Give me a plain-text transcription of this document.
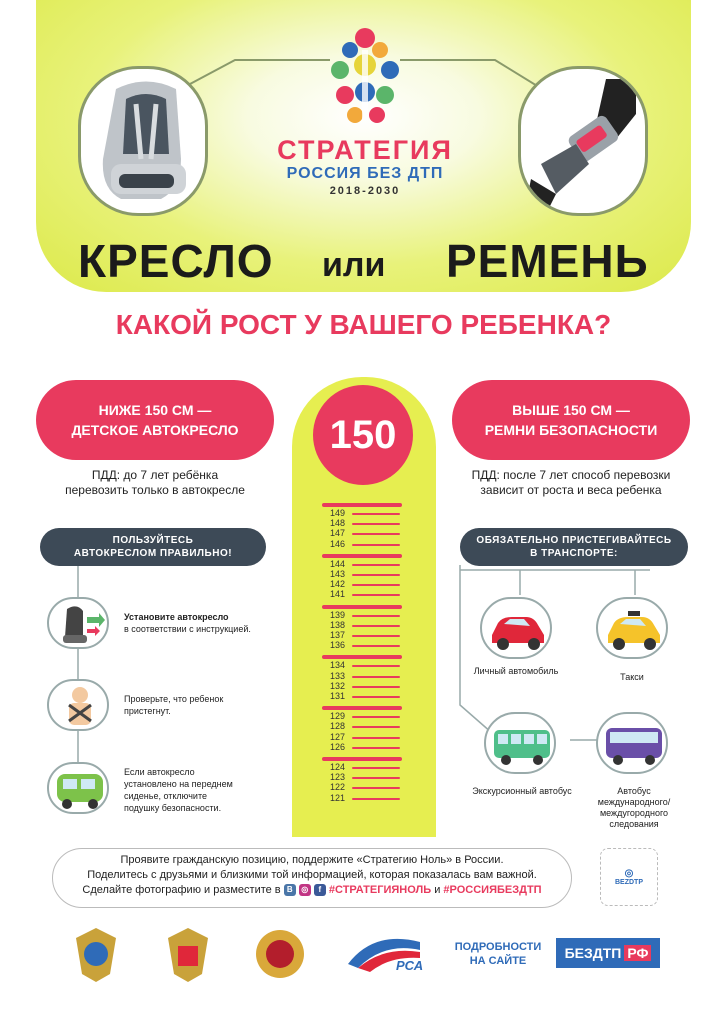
СТРАТЕГИЯ
РОССИЯ БЕЗ ДТП
2018-2030
КРЕСЛО или РЕМЕНЬ
КАКОЙ РОСТ У ВАШЕГО РЕБЕНКА?
НИЖЕ 150 СМ —
ДЕТСКОЕ АВТОКРЕСЛО
ПДД: до 7 лет ребёнка
перевозить только в автокресле
ВЫШЕ 150 СМ —
РЕМНИ БЕЗОПАСНОСТИ
ПДД: после 7 лет способ перевозки
зависит от роста и веса ребенка
150
149
148
147
146
144
143
142
141
139
138
137
136
134
133
132
131
129
128
127
126
124
123
122
121
ПОЛЬЗУЙТЕСЬ
АВТОКРЕСЛОМ ПРАВИЛЬНО!
Установите автокресло
в соответствии с инструкцией.
Проверьте, что ребенок пристегнут.
Если автокресло установлено на переднем сиденье, отключите подушку безопасности.
ОБЯЗАТЕЛЬНО ПРИСТЕГИВАЙТЕСЬ
В ТРАНСПОРТЕ:
Личный автомобиль
Такси
Экскурсионный автобус	Автобус
международного/
междугородного
следования
Проявите гражданскую позицию, поддержите «Стратегию Ноль» в России.
Поделитесь с друзьями и близкими той информацией, которая показалась вам важной.
Сделайте фотографию и разместите в В ◎ f #СТРАТЕГИЯНОЛЬ и #РОССИЯБЕЗДТП
◎
BEZDTP
РСА
ПОДРОБНОСТИ
НА САЙТЕ	БЕЗДТП РФ
